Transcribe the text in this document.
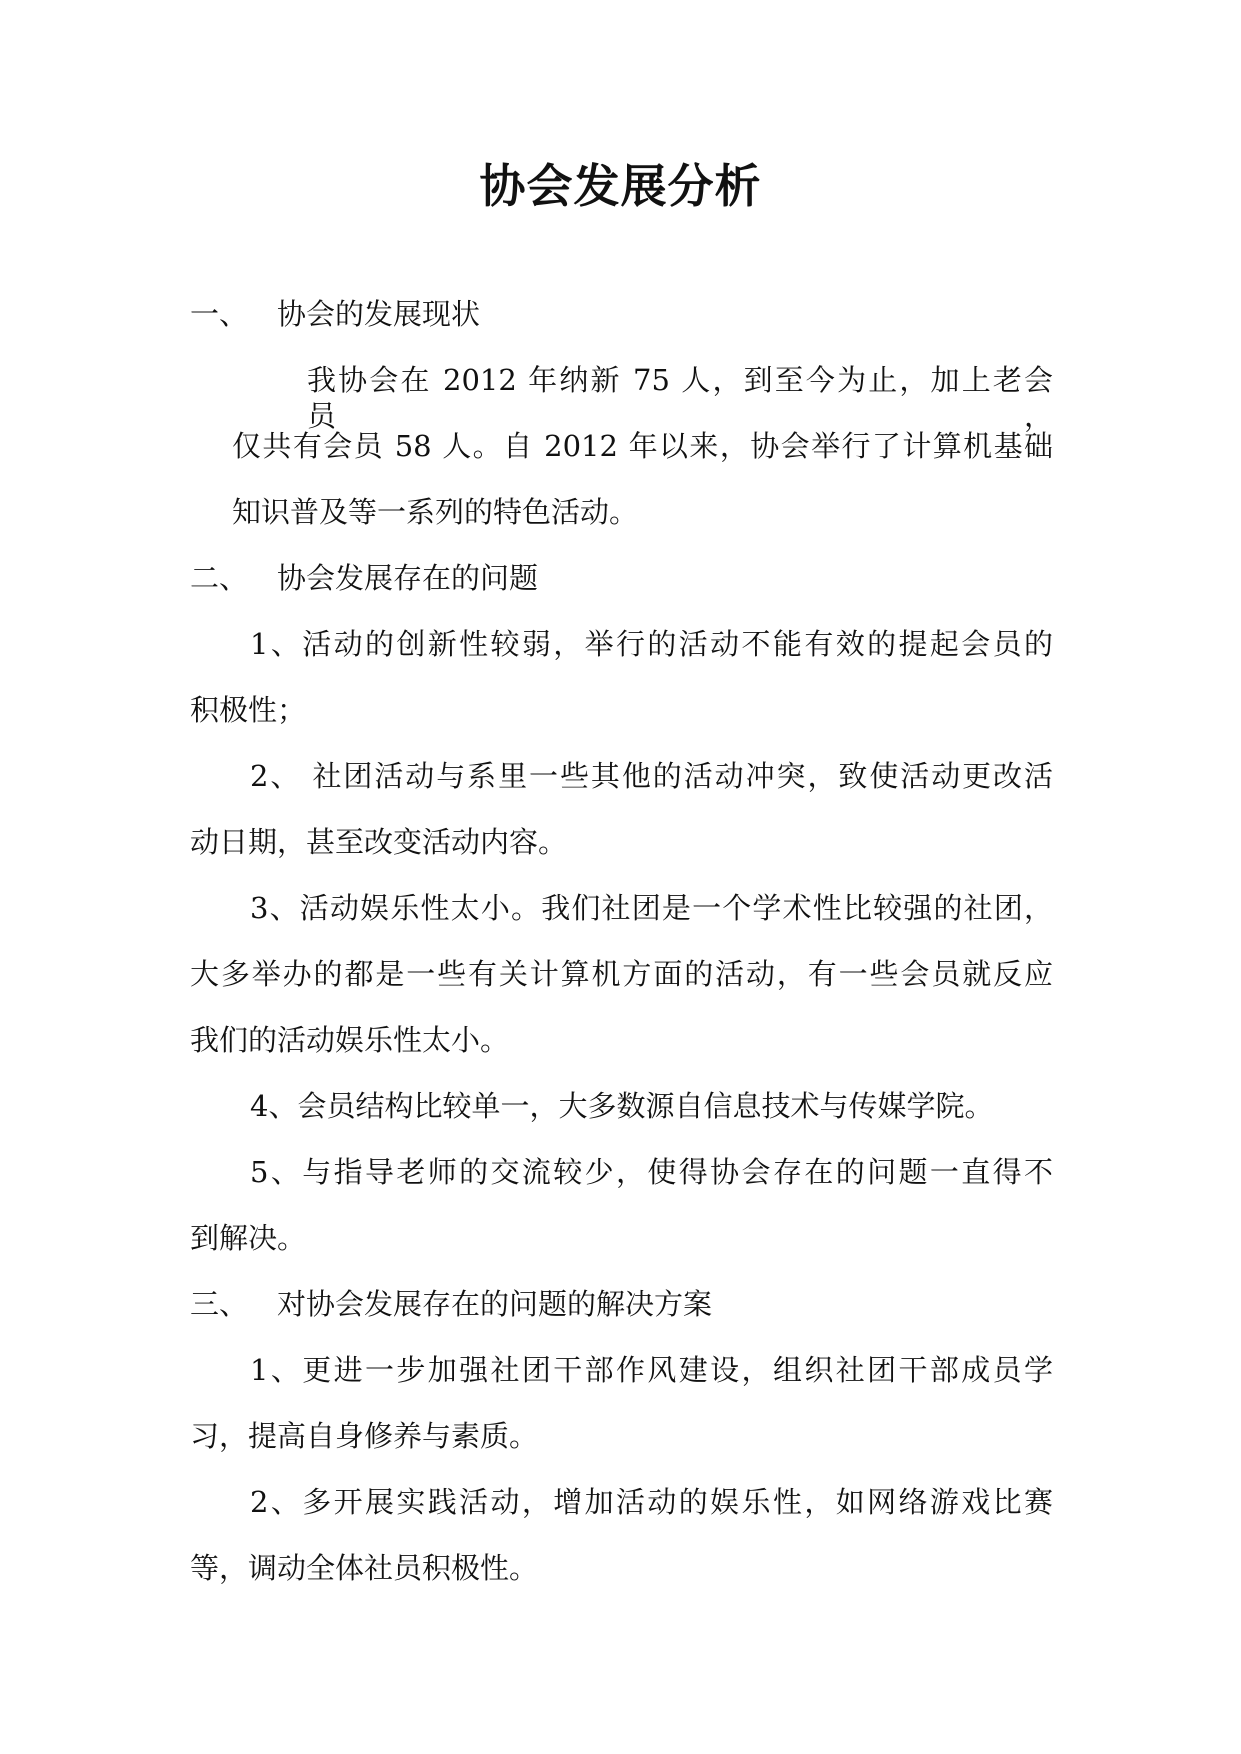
协会发展分析
一、 协会的发展现状
我协会在 2012 年纳新 75 人，到至今为止，加上老会员，
仅共有会员 58 人。自 2012 年以来，协会举行了计算机基础
知识普及等一系列的特色活动。
二、 协会发展存在的问题
1、活动的创新性较弱，举行的活动不能有效的提起会员的
积极性；
2、 社团活动与系里一些其他的活动冲突，致使活动更改活
动日期，甚至改变活动内容。
3、活动娱乐性太小。我们社团是一个学术性比较强的社团，
大多举办的都是一些有关计算机方面的活动，有一些会员就反应
我们的活动娱乐性太小。
4、会员结构比较单一，大多数源自信息技术与传媒学院。
5、与指导老师的交流较少，使得协会存在的问题一直得不
到解决。
三、 对协会发展存在的问题的解决方案
1、更进一步加强社团干部作风建设，组织社团干部成员学
习，提高自身修养与素质。
2、多开展实践活动，增加活动的娱乐性，如网络游戏比赛
等，调动全体社员积极性。
